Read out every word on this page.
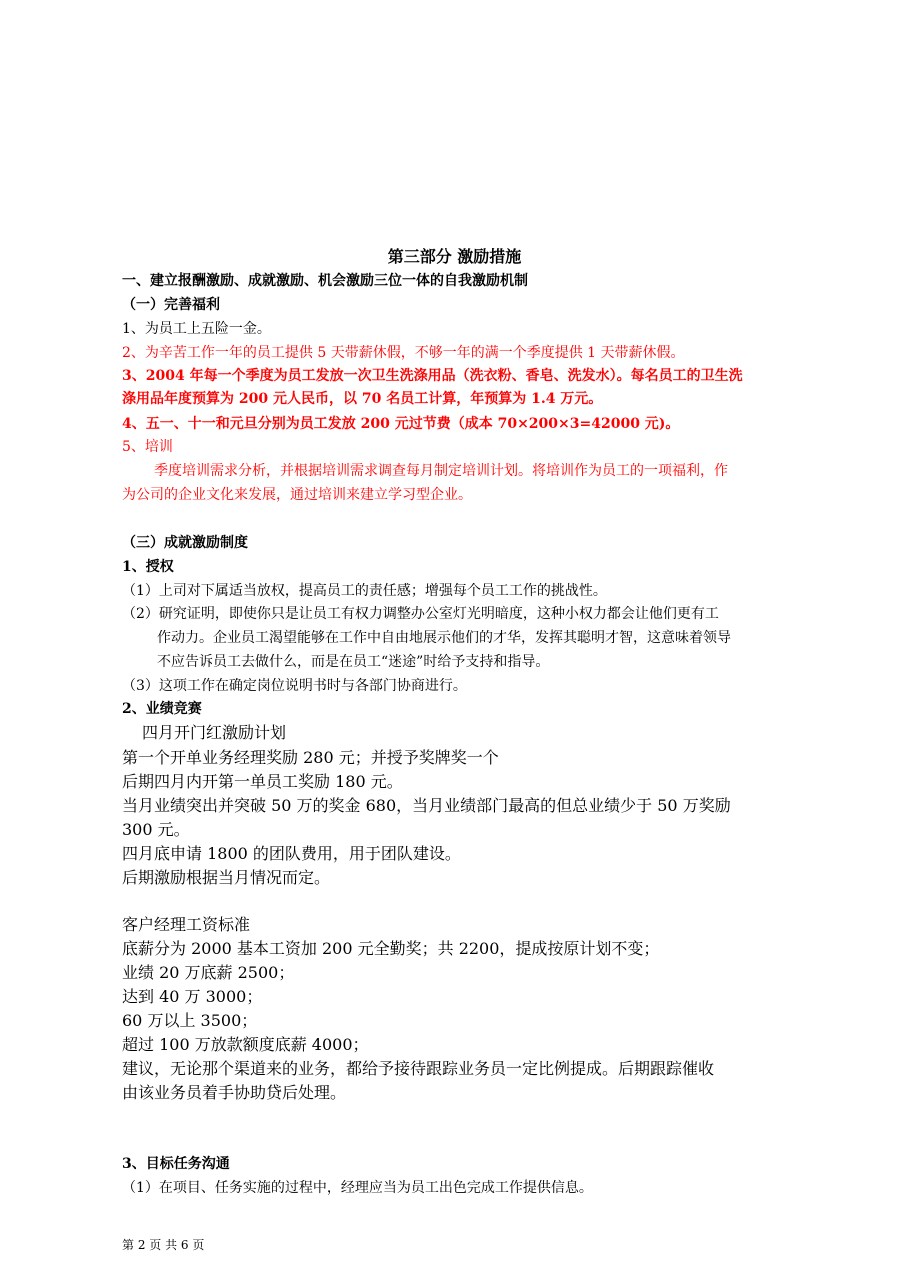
第三部分 激励措施
一、建立报酬激励、成就激励、机会激励三位一体的自我激励机制
（一）完善福利
1、为员工上五险一金。
2、为辛苦工作一年的员工提供 5 天带薪休假，不够一年的满一个季度提供 1 天带薪休假。
3、2004 年每一个季度为员工发放一次卫生洗涤用品（洗衣粉、香皂、洗发水）。每名员工的卫生洗
涤用品年度预算为 200 元人民币，以 70 名员工计算，年预算为 1.4 万元。
4、五一、十一和元旦分别为员工发放 200 元过节费（成本 70×200×3=42000 元)。
5、培训
季度培训需求分析，并根据培训需求调查每月制定培训计划。将培训作为员工的一项福利，作
为公司的企业文化来发展，通过培训来建立学习型企业。
（三）成就激励制度
1、授权
（1）上司对下属适当放权，提高员工的责任感；增强每个员工工作的挑战性。
（2）研究证明，即使你只是让员工有权力调整办公室灯光明暗度，这种小权力都会让他们更有工
作动力。企业员工渴望能够在工作中自由地展示他们的才华，发挥其聪明才智，这意味着领导
不应告诉员工去做什么，而是在员工“迷途”时给予支持和指导。
（3）这项工作在确定岗位说明书时与各部门协商进行。
2、业绩竞赛
四月开门红激励计划
第一个开单业务经理奖励 280 元；并授予奖牌奖一个
后期四月内开第一单员工奖励 180 元。
当月业绩突出并突破 50 万的奖金 680，当月业绩部门最高的但总业绩少于 50 万奖励
300 元。
四月底申请 1800 的团队费用，用于团队建设。
后期激励根据当月情况而定。
客户经理工资标准
底薪分为 2000 基本工资加 200 元全勤奖；共 2200，提成按原计划不变；
业绩 20 万底薪 2500；
达到 40 万 3000；
60 万以上 3500；
超过 100 万放款额度底薪 4000；
建议，无论那个渠道来的业务，都给予接待跟踪业务员一定比例提成。后期跟踪催收
由该业务员着手协助贷后处理。
3、目标任务沟通
（1）在项目、任务实施的过程中，经理应当为员工出色完成工作提供信息。
第 2 页 共 6 页
